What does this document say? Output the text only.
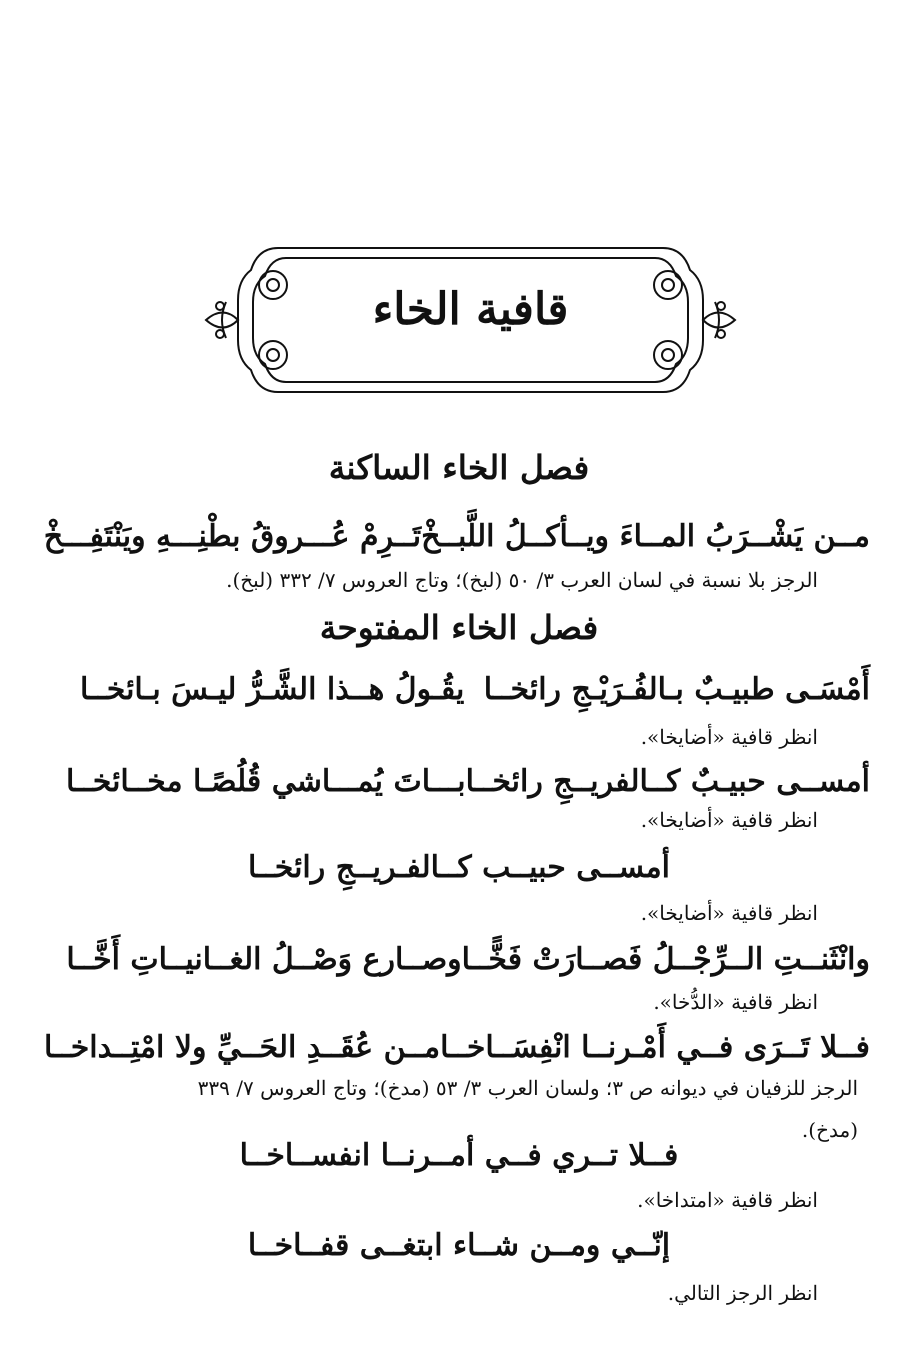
قافية الخاء
فصل الخاء الساكنة
مــن يَشْــرَبُ المــاءَ ويــأكــلُ اللَّبــخْ
تَــرِمْ عُـــروقُ بطْنِـــهِ ويَنْتَفِـــخْ
الرجز بلا نسبة في لسان العرب ٣/ ٥٠ (لبخ)؛ وتاج العروس ٧/ ٣٣٢ (لبخ).
فصل الخاء المفتوحة
أَمْسَـى طبيـبٌ بـالفُـرَيْـجِ رائخــا
يقُـولُ هــذا الشَّـرُّ ليـسَ بـائخــا
انظر قافية «أضايخا».
أمســى حبيـبٌ كــالفريــجِ رائخــا
بـــاتَ يُمـــاشي قُلُصًـا مخــائخــا
انظر قافية «أضايخا».
أمســى حبيــب كــالفـريــجِ رائخــا
انظر قافية «أضايخا».
وانْثَنــتِ الــرِّجْــلُ فَصــارَتْ فَخًّــا
وصــارع وَصْــلُ الغــانيــاتِ أَخَّــا
انظر قافية «الدُّخا».
فــلا تَــرَى فــي أَمْـرنــا انْفِسَــاخــا
مــن عُقَــدِ الحَــيِّ ولا امْتِــداخــا
الرجز للزفيان في ديوانه ص ٣؛ ولسان العرب ٣/ ٥٣ (مدخ)؛ وتاج العروس ٧/ ٣٣٩
(مدخ).
فــلا تــري فــي أمــرنــا انفســاخــا
انظر قافية «امتداخا».
إنّــي ومــن شــاء ابتغــى قفــاخــا
انظر الرجز التالي.
